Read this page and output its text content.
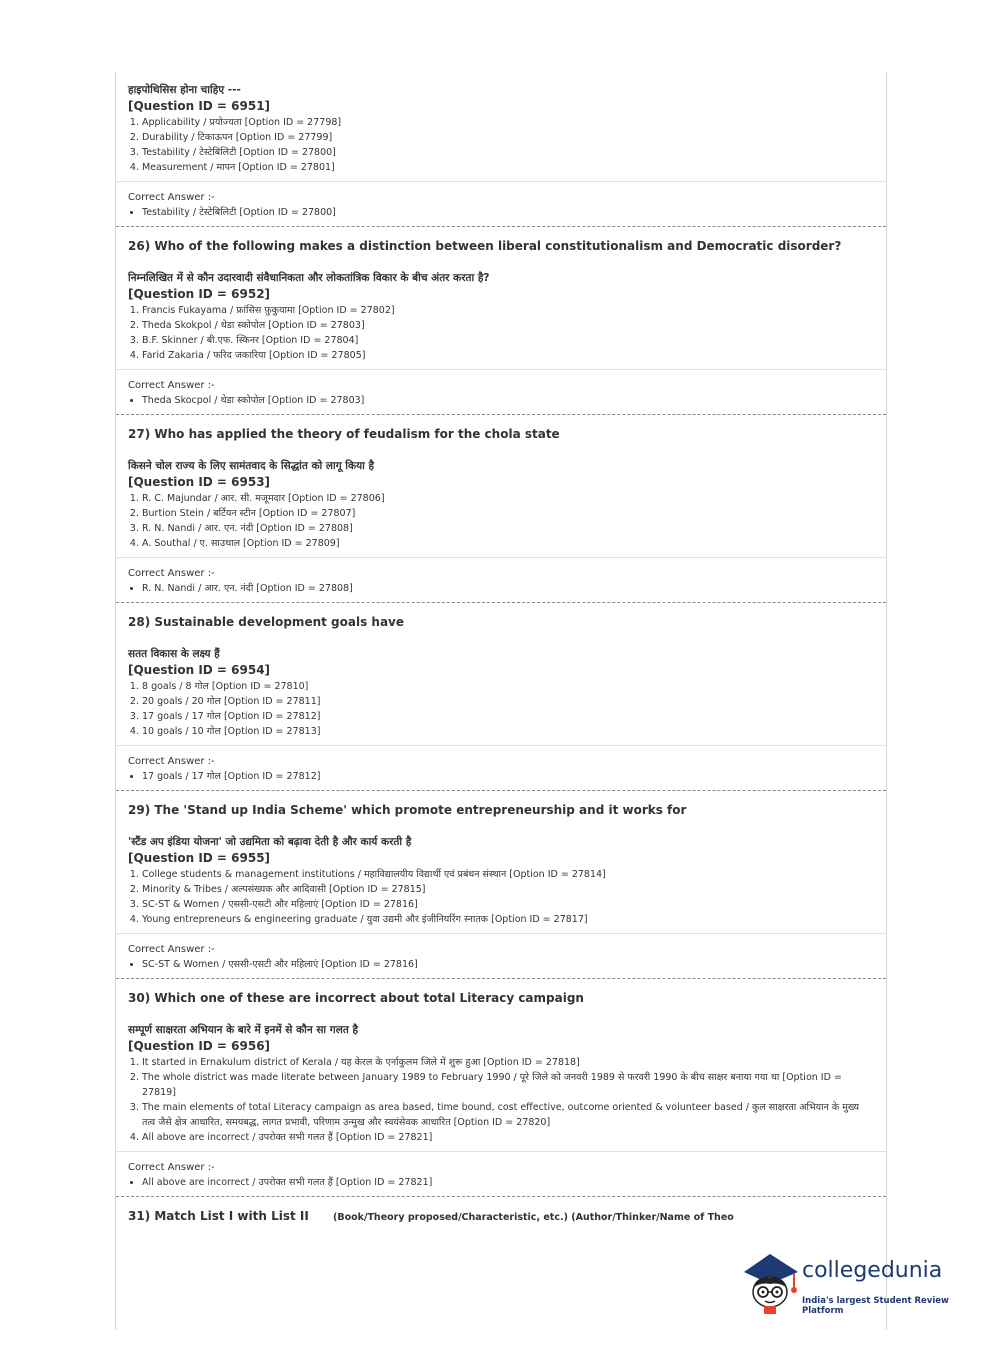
हाइपोथिसिस होना चाहिए ---
[Question ID = 6951]
1. Applicability / प्रयोज्यता [Option ID = 27798]
2. Durability / टिकाऊपन [Option ID = 27799]
3. Testability / टेस्टेबिलिटी [Option ID = 27800]
4. Measurement / मापन [Option ID = 27801]
Correct Answer :-
• Testability / टेस्टेबिलिटी [Option ID = 27800]
26) Who of the following makes a distinction between liberal constitutionalism and Democratic disorder?
निम्नलिखित में से कौन उदारवादी संवैधानिकता और लोकतांत्रिक विकार के बीच अंतर करता है?
[Question ID = 6952]
1. Francis Fukayama / फ्रांसिस फ़ुकुयामा [Option ID = 27802]
2. Theda Skokpol / थेडा स्कोपोल [Option ID = 27803]
3. B.F. Skinner / बी.एफ. स्किनर [Option ID = 27804]
4. Farid Zakaria / फरिद जकारिया [Option ID = 27805]
Correct Answer :-
• Theda Skocpol / थेडा स्कोपोल [Option ID = 27803]
27) Who has applied the theory of feudalism for the chola state
किसने चोल राज्य के लिए सामंतवाद के सिद्धांत को लागू किया है
[Question ID = 6953]
1. R. C. Majundar / आर. सी. मजूमदार [Option ID = 27806]
2. Burtion Stein / बर्टियन स्टीन [Option ID = 27807]
3. R. N. Nandi / आर. एन. नंदी [Option ID = 27808]
4. A. Southal / ए. साउथाल [Option ID = 27809]
Correct Answer :-
• R. N. Nandi / आर. एन. नंदी [Option ID = 27808]
28) Sustainable development goals have
सतत विकास के लक्ष्य हैं
[Question ID = 6954]
1. 8 goals / 8 गोल [Option ID = 27810]
2. 20 goals / 20 गोल [Option ID = 27811]
3. 17 goals / 17 गोल [Option ID = 27812]
4. 10 goals / 10 गोल [Option ID = 27813]
Correct Answer :-
• 17 goals / 17 गोल [Option ID = 27812]
29) The 'Stand up India Scheme' which promote entrepreneurship and it works for
'स्टैंड अप इंडिया योजना' जो उद्यमिता को बढ़ावा देती है और कार्य करती है
[Question ID = 6955]
1. College students & management institutions / महाविद्यालयीय विद्यार्थी एवं प्रबंधन संस्थान [Option ID = 27814]
2. Minority & Tribes / अल्पसंख्यक और आदिवासी [Option ID = 27815]
3. SC-ST & Women / एससी-एसटी और महिलाएं [Option ID = 27816]
4. Young entrepreneurs & engineering graduate / युवा उद्यमी और इंजीनियरिंग स्नातक [Option ID = 27817]
Correct Answer :-
• SC-ST & Women / एससी-एसटी और महिलाएं [Option ID = 27816]
30) Which one of these are incorrect about total Literacy campaign
सम्पूर्ण साक्षरता अभियान के बारे में इनमें से कौन सा गलत है
[Question ID = 6956]
1. It started in Ernakulum district of Kerala / यह केरल के एर्नाकुलम जिले में शुरू हुआ [Option ID = 27818]
2. The whole district was made literate between January 1989 to February 1990 / पूरे जिले को जनवरी 1989 से फरवरी 1990 के बीच साक्षर बनाया गया था [Option ID = 27819]
3. The main elements of total Literacy campaign as area based, time bound, cost effective, outcome oriented & volunteer based / कुल साक्षरता अभियान के मुख्य तत्व जैसे क्षेत्र आधारित, समयबद्ध, लागत प्रभावी, परिणाम उन्मुख और स्वयंसेवक आधारित [Option ID = 27820]
4. All above are incorrect / उपरोक्त सभी गलत हैं [Option ID = 27821]
Correct Answer :-
• All above are incorrect / उपरोक्त सभी गलत हैं [Option ID = 27821]
31) Match List I with List II	(Book/Theory proposed/Characteristic, etc.) (Author/Thinker/Name of Theo
collegedunia
India's largest Student Review Platform
